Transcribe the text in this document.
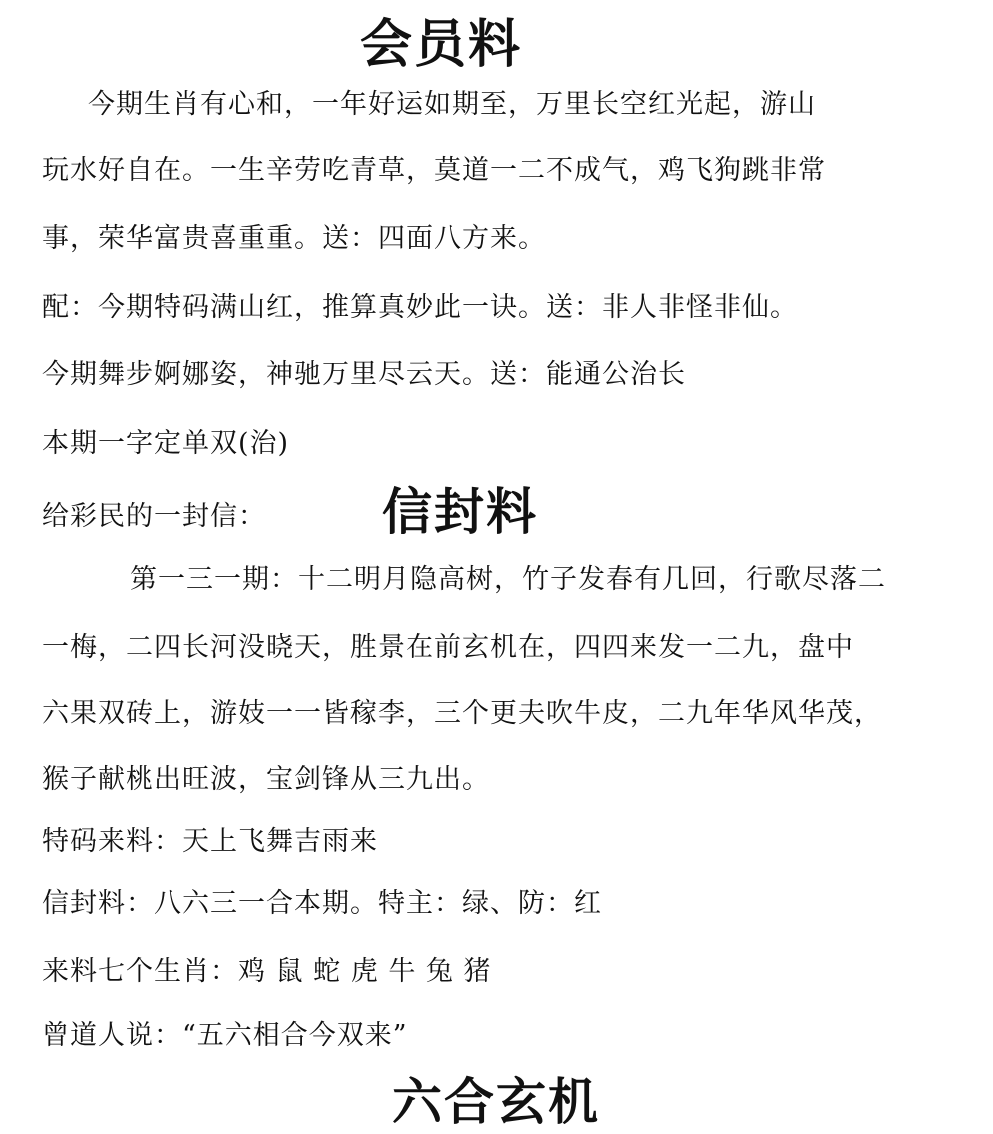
会员料
今期生肖有心和，一年好运如期至，万里长空红光起，游山
玩水好自在。一生辛劳吃青草，莫道一二不成气，鸡飞狗跳非常
事，荣华富贵喜重重。送：四面八方来。
配：今期特码满山红，推算真妙此一诀。送：非人非怪非仙。
今期舞步婀娜姿，神驰万里尽云天。送：能通公治长
本期一字定单双(治)
给彩民的一封信： 信封料
第一三一期：十二明月隐高树，竹子发春有几回，行歌尽落二
一梅，二四长河没晓天，胜景在前玄机在，四四来发一二九，盘中
六果双砖上，游妓一一皆稼李，三个更夫吹牛皮，二九年华风华茂，
猴子献桃出旺波，宝剑锋从三九出。
特码来料：天上飞舞吉雨来
信封料：八六三一合本期。特主：绿、防：红
来料七个生肖：鸡 鼠 蛇 虎 牛 兔 猪
曾道人说：“五六相合今双来”
六合玄机
